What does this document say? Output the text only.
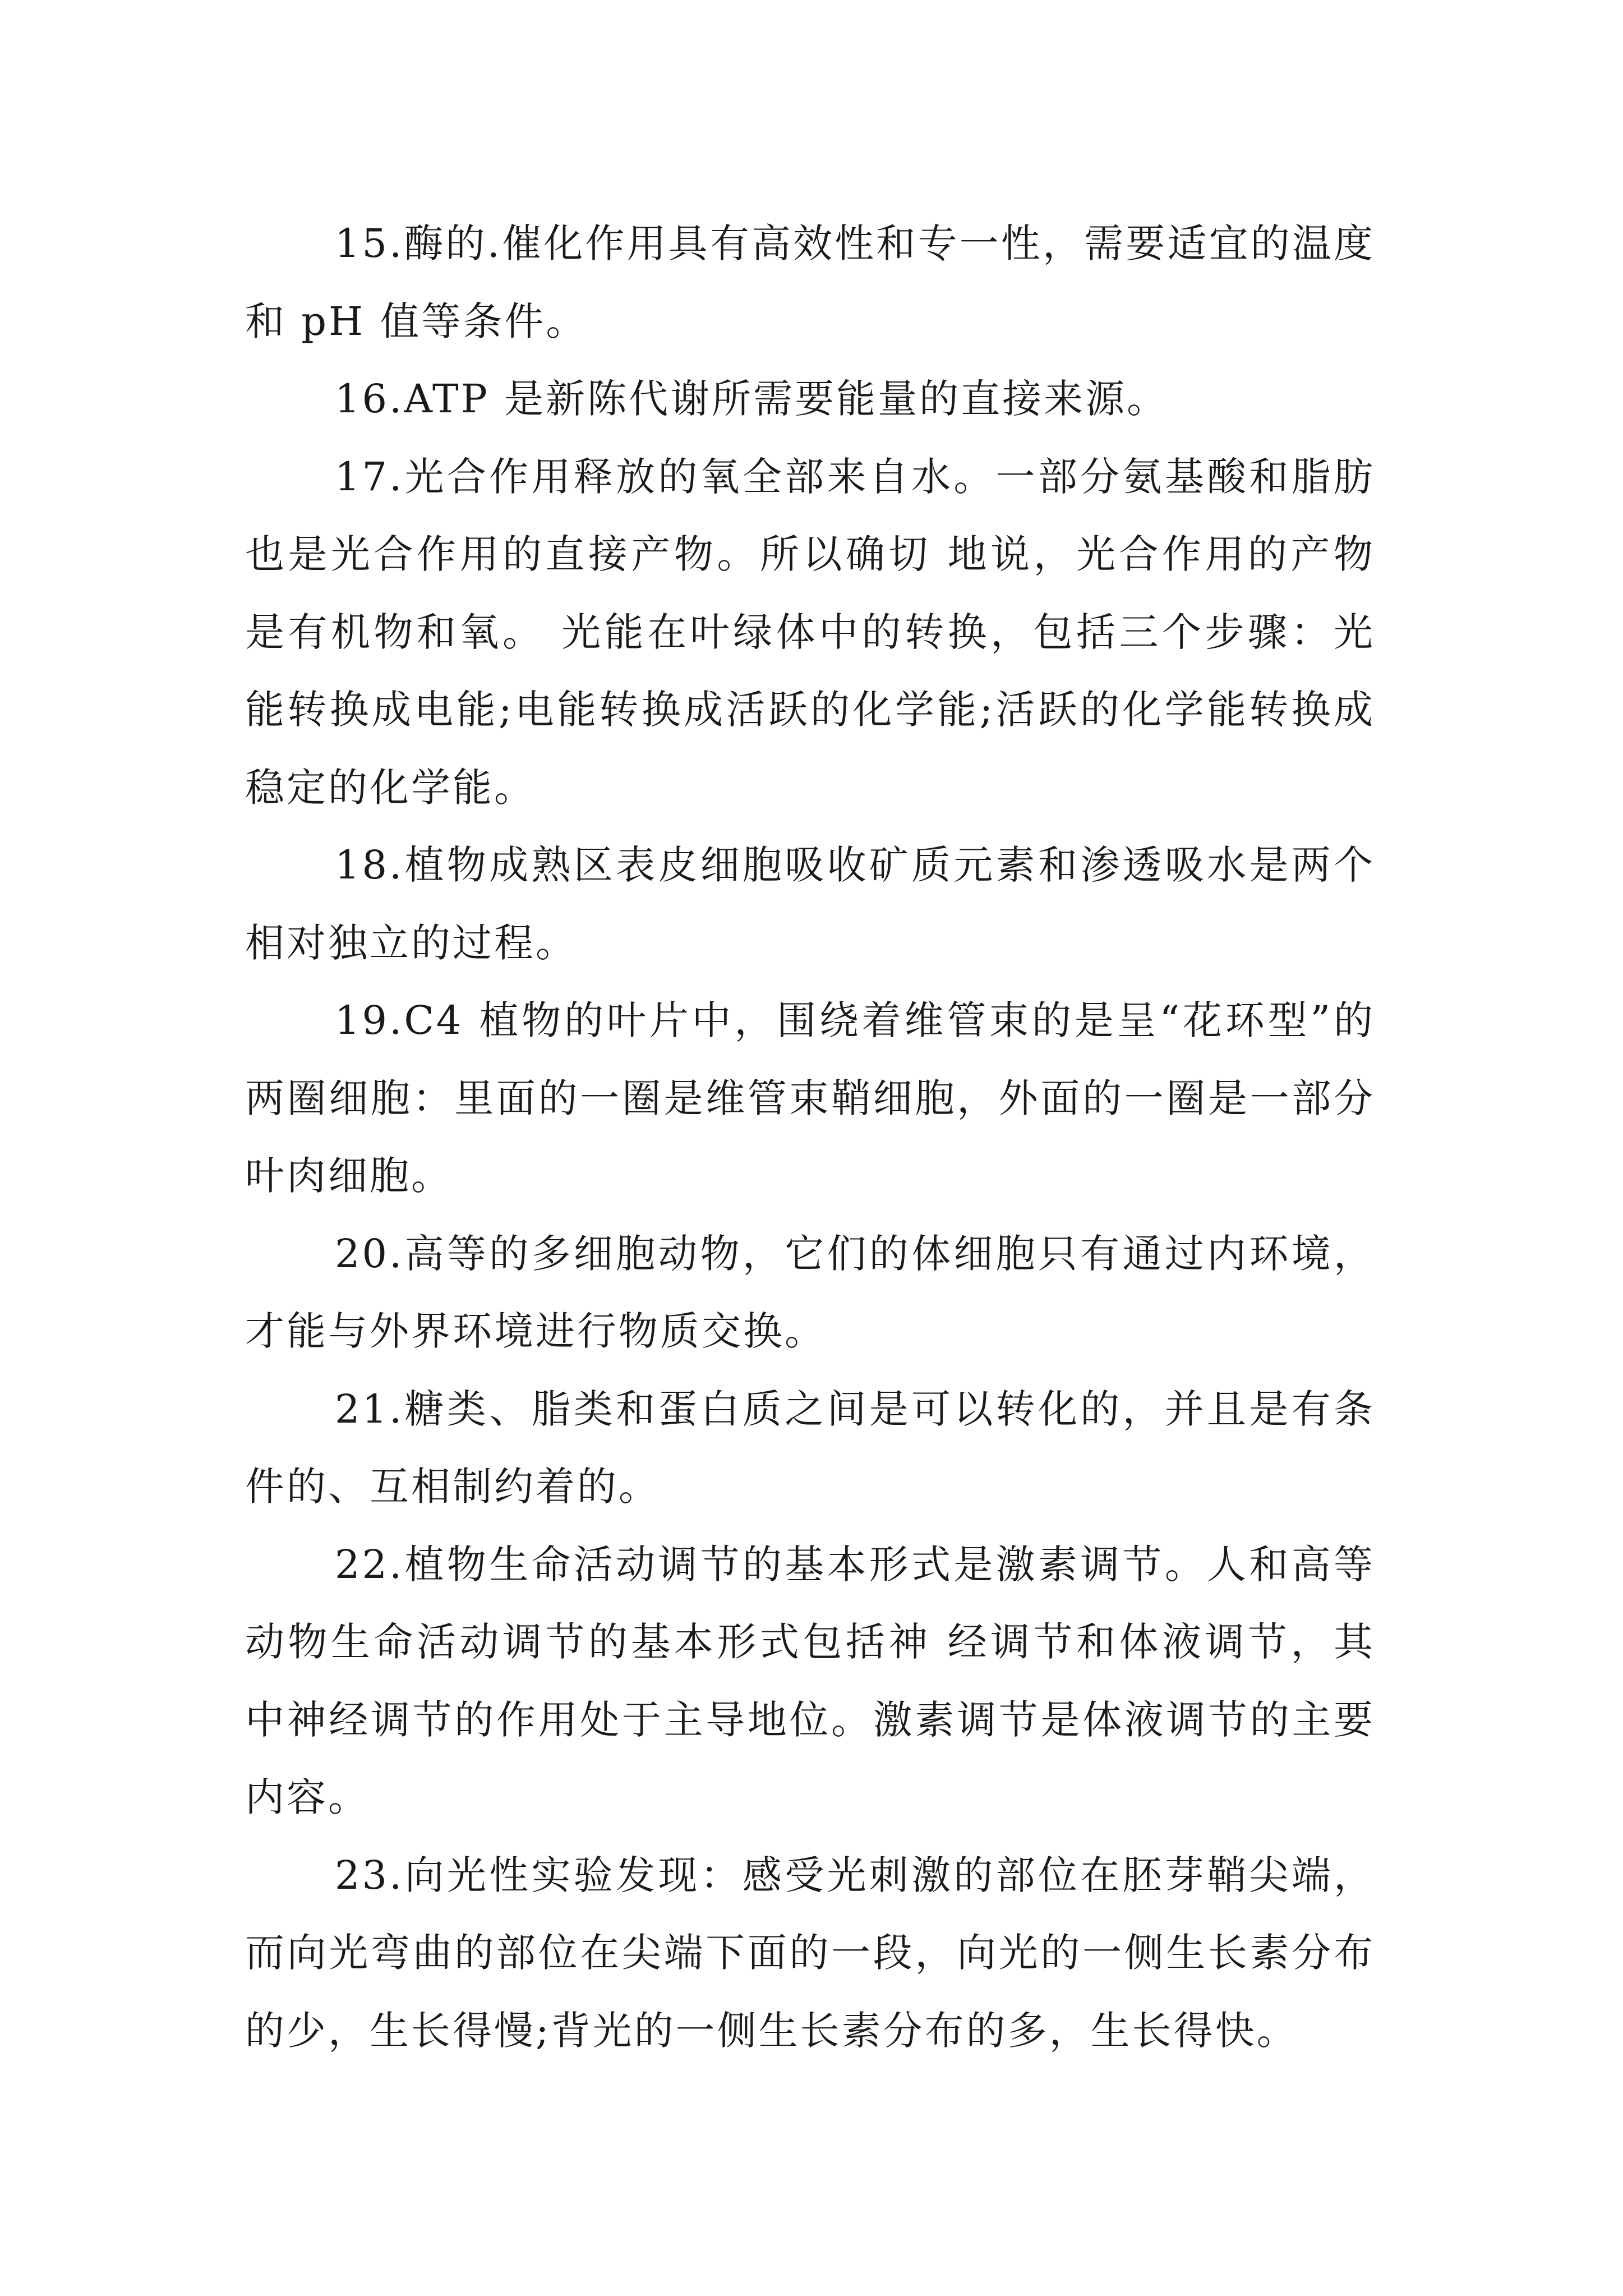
15.酶的.催化作用具有高效性和专一性，需要适宜的温度和 pH 值等条件。

16.ATP 是新陈代谢所需要能量的直接来源。

17.光合作用释放的氧全部来自水。一部分氨基酸和脂肪也是光合作用的直接产物。所以确切 地说，光合作用的产物是有机物和氧。 光能在叶绿体中的转换，包括三个步骤：光能转换成电能;电能转换成活跃的化学能;活跃的化学能转换成稳定的化学能。

18.植物成熟区表皮细胞吸收矿质元素和渗透吸水是两个相对独立的过程。

19.C4 植物的叶片中，围绕着维管束的是呈“花环型”的两圈细胞：里面的一圈是维管束鞘细胞，外面的一圈是一部分叶肉细胞。

20.高等的多细胞动物，它们的体细胞只有通过内环境，才能与外界环境进行物质交换。

21.糖类、脂类和蛋白质之间是可以转化的，并且是有条件的、互相制约着的。

22.植物生命活动调节的基本形式是激素调节。人和高等动物生命活动调节的基本形式包括神 经调节和体液调节，其中神经调节的作用处于主导地位。激素调节是体液调节的主要内容。

23.向光性实验发现：感受光刺激的部位在胚芽鞘尖端，而向光弯曲的部位在尖端下面的一段，向光的一侧生长素分布的少，生长得慢;背光的一侧生长素分布的多，生长得快。
